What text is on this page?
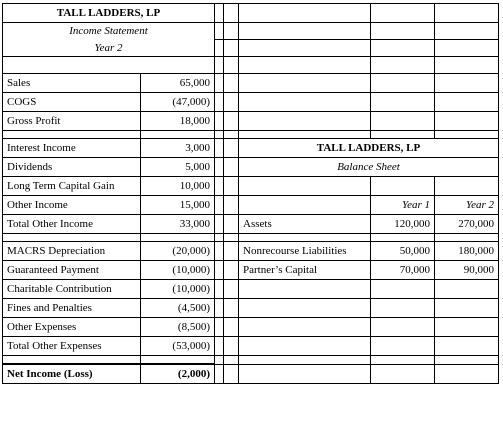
TALL LADDERS, LP						
Income Statement						
Year 2						

Sales	65,000					
COGS	(47,000)					
Gross Profit	18,000					

Interest Income	3,000			TALL LADDERS, LP		
Dividends	5,000			Balance Sheet		
Long Term Capital Gain	10,000					
Other Income	15,000				Year 1	Year 2
Total Other Income	33,000			Assets	120,000	270,000

MACRS Depreciation	(20,000)			Nonrecourse Liabilities	50,000	180,000
Guaranteed Payment	(10,000)			Partner’s Capital	70,000	90,000
Charitable Contribution	(10,000)					
Fines and Penalties	(4,500)					
Other Expenses	(8,500)					
Total Other Expenses	(53,000)					

Net Income (Loss)	(2,000)					
